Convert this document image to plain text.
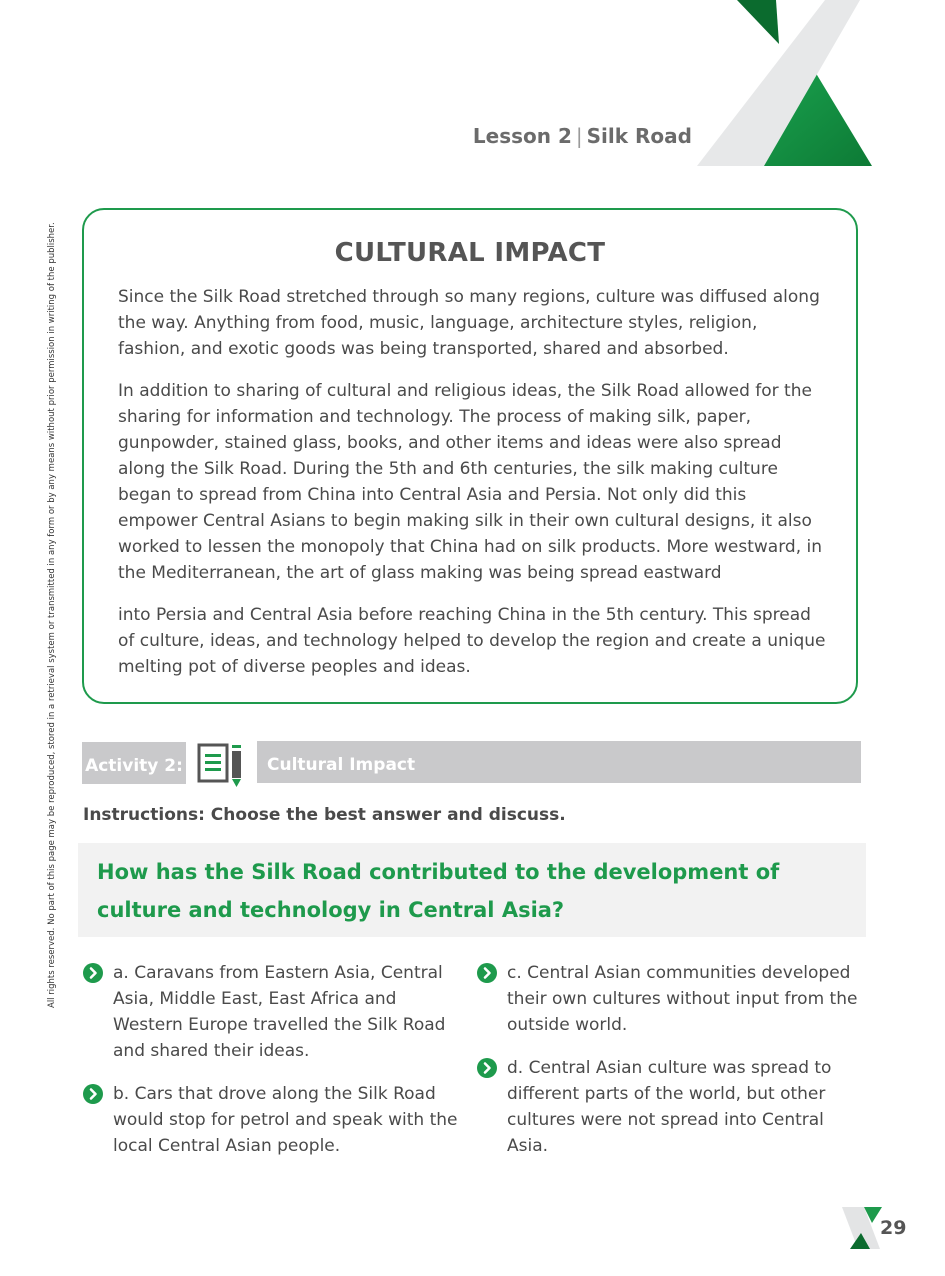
Lesson 2 | Silk Road
All rights reserved. No part of this page may be reproduced, stored in a retrieval system or transmitted in any form or by any means without prior permission in writing of the publisher.	CULTURAL IMPACT

Since the Silk Road stretched through so many regions, culture was diffused along the way. Anything from food, music, language, architecture styles, religion, fashion, and exotic goods was being transported, shared and absorbed.

In addition to sharing of cultural and religious ideas, the Silk Road allowed for the sharing for information and technology. The process of making silk, paper, gunpowder, stained glass, books, and other items and ideas were also spread along the Silk Road. During the 5th and 6th centuries, the silk making culture began to spread from China into Central Asia and Persia. Not only did this empower Central Asians to begin making silk in their own cultural designs, it also worked to lessen the monopoly that China had on silk products. More westward, in the Mediterranean, the art of glass making was being spread eastward

into Persia and Central Asia before reaching China in the 5th century. This spread of culture, ideas, and technology helped to develop the region and create a unique melting pot of diverse peoples and ideas.

Activity 2:	Cultural Impact
Instructions: Choose the best answer and discuss.

How has the Silk Road contributed to the development of culture and technology in Central Asia?

a. Caravans from Eastern Asia, Central Asia, Middle East, East Africa and Western Europe travelled the Silk Road and shared their ideas.

b. Cars that drove along the Silk Road would stop for petrol and speak with the local Central Asian people.

c. Central Asian communities developed their own cultures without input from the outside world.

d. Central Asian culture was spread to different parts of the world, but other cultures were not spread into Central Asia.

29
